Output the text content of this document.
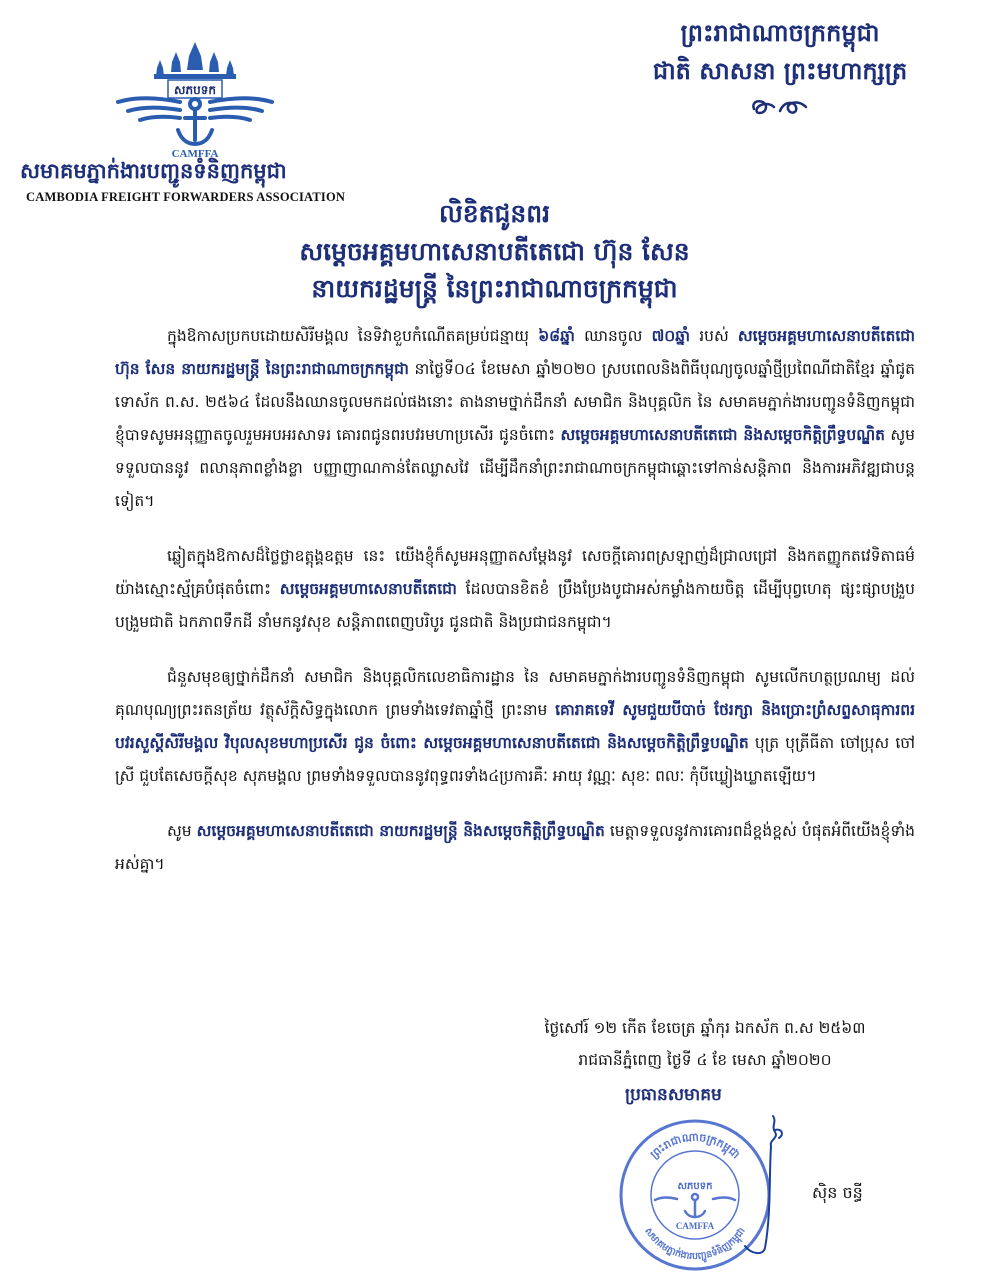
សភបទក
CAMFFA
សមាគមភ្នាក់ងារបញ្ជូនទំនិញកម្ពុជា
CAMBODIA FREIGHT FORWARDERS ASSOCIATION
ព្រះរាជាណាចក្រកម្ពុជា
ជាតិ សាសនា ព្រះមហាក្សត្រ
លិខិតជូនពរ
សម្តេចអគ្គមហាសេនាបតីតេជោ ហ៊ុន សែន
នាយករដ្ឋមន្ត្រី នៃព្រះរាជាណាចក្រកម្ពុជា

ក្នុងឱកាសប្រកបដោយសិរីមង្គល នៃទិវាខួបកំណើតគម្រប់ជន្មាយុ ៦៨ឆ្នាំ ឈានចូល ៧០ឆ្នាំ របស់ សម្តេចអគ្គមហាសេនាបតីតេជោ ហ៊ុន សែន នាយករដ្ឋមន្ត្រី នៃព្រះរាជាណាចក្រកម្ពុជា នាថ្ងៃទី០៤ ខែមេសា ឆ្នាំ២០២០ ស្របពេលនិងពិធីបុណ្យចូលឆ្នាំថ្មីប្រពៃណីជាតិខ្មែរ ឆ្នាំជូត ទោស័ក ព.ស. ២៥៦៤ ដែលនឹងឈានចូលមកដល់ផងនោះ តាងនាមថ្នាក់ដឹកនាំ សមាជិក និងបុគ្គលិក នៃ សមាគមភ្នាក់ងារបញ្ជូនទំនិញកម្ពុជា ខ្ញុំបាទសូមអនុញ្ញាតចូលរួមអបអរសាទរ គោរពជូនពរបវរមហាប្រសើរ ជូនចំពោះ សម្តេចអគ្គមហាសេនាបតីតេជោ និងសម្តេចកិត្តិព្រឹទ្ធបណ្ឌិត សូមទទួលបាននូវ ពលានុភាពខ្លាំងខ្លា បញ្ញាញាណកាន់តែឈ្លាសវៃ ដើម្បីដឹកនាំព្រះរាជាណាចក្រកម្ពុជាឆ្ពោះទៅកាន់សន្តិភាព និងការអភិវឌ្ឍជាបន្តទៀត។

ឆ្លៀតក្នុងឱកាសដ៏ថ្លៃថ្លាឧត្តុង្គឧត្តម នេះ យើងខ្ញុំក៏សូមអនុញ្ញាតសម្តែងនូវ សេចក្តីគោរពស្រឡាញ់ដ៏ជ្រាលជ្រៅ និងកតញ្ញូកតវេទិតាធម៌យ៉ាងស្មោះស្ម័គ្របំផុតចំពោះ សម្តេចអគ្គមហាសេនាបតីតេជោ ដែលបានខិតខំ ប្រឹងប្រែងបូជាអស់កម្លាំងកាយចិត្ត ដើម្បីបុព្វហេតុ ផ្សះផ្សាបង្រួបបង្រួមជាតិ ឯកភាពទឹកដី នាំមកនូវសុខ សន្តិភាពពេញបរិបូរ ជូនជាតិ និងប្រជាជនកម្ពុជា។

ជំនួសមុខឲ្យថ្នាក់ដឹកនាំ សមាជិក និងបុគ្គលិកលេខាធិការដ្ឋាន នៃ សមាគមភ្នាក់ងារបញ្ជូនទំនិញកម្ពុជា សូមលើកហត្ថប្រណម្យ ដល់គុណបុណ្យព្រះរតនត្រ័យ វត្ថុស័ក្តិសិទ្ធក្នុងលោក ព្រមទាំងទេវតាឆ្នាំថ្មី ព្រះនាម គោរាគទេវី សូមជួយបីបាច់ ថែរក្សា និងប្រោះព្រំសព្ទសាធុការពរ បវរសួស្តីសិរីមង្គល វិបុលសុខមហាប្រសើរ ជូន ចំពោះ សម្តេចអគ្គមហាសេនាបតីតេជោ និងសម្តេចកិត្តិព្រឹទ្ធបណ្ឌិត បុត្រ បុត្រីធីតា ចៅប្រុស ចៅស្រី ជួបតែសេចក្តីសុខ សុភមង្គល ព្រមទាំងទទួលបាននូវពុទ្ធពរទាំង៤ប្រការគឺៈ អាយុ វណ្ណៈ សុខៈ ពលៈ កុំបីឃ្លៀងឃ្លាតឡើយ។

សូម សម្តេចអគ្គមហាសេនាបតីតេជោ នាយករដ្ឋមន្ត្រី និងសម្តេចកិត្តិព្រឹទ្ធបណ្ឌិត មេត្តាទទួលនូវការគោរពដ៏ខ្ពង់ខ្ពស់ បំផុតអំពីយើងខ្ញុំទាំងអស់គ្នា។

ថ្ងៃសៅរ៍ ១២ កើត ខែចេត្រ ឆ្នាំកុរ ឯកស័ក ព.ស ២៥៦៣
រាជធានីភ្នំពេញ ថ្ងៃទី ៤ ខែ មេសា ឆ្នាំ២០២០
ប្រធានសមាគម
ព្រះរាជាណាចក្រកម្ពុជា
សមាគមភ្នាក់ងារបញ្ជូនទំនិញកម្ពុជា
សភបទក
CAMFFA
ស៊ិន ចន្ធី
